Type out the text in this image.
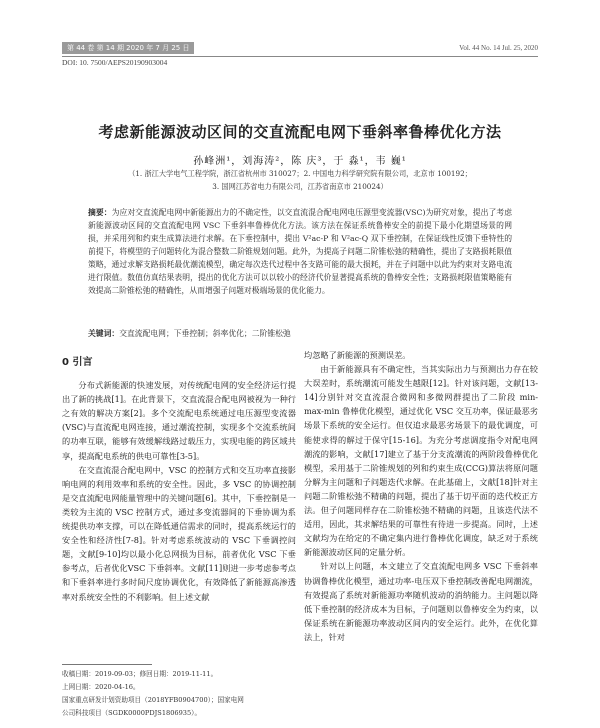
第 44 卷 第 14 期 2020 年 7 月 25 日	Vol. 44 No. 14 Jul. 25, 2020
DOI: 10. 7500/AEPS20190903004
考虑新能源波动区间的交直流配电网下垂斜率鲁棒优化方法
孙峰洲¹，刘海涛²，陈 庆³，于 淼¹，韦 巍¹
（1. 浙江大学电气工程学院，浙江省杭州市 310027；2. 中国电力科学研究院有限公司，北京市 100192；
3. 国网江苏省电力有限公司，江苏省南京市 210024）
摘要：为应对交直流配电网中新能源出力的不确定性，以交直流混合配电网电压源型变流器(VSC)为研究对象，提出了考虑新能源波动区间的交直流配电网 VSC 下垂斜率鲁棒优化方法。该方法在保证系统鲁棒安全的前提下最小化期望场景的网损，并采用列和约束生成算法进行求解。在下垂控制中，提出 V²ac-P 和 V²ac-Q 双下垂控制，在保证线性反馈下垂特性的前提下，将模型的子问题转化为混合整数二阶锥规划问题。此外，为提高子问题二阶锥松弛的精确性，提出了支路损耗限值策略，通过求解支路损耗最优潮流模型，确定每次迭代过程中各支路可能的最大损耗，并在子问题中以此为约束对支路电流进行限值。数值仿真结果表明，提出的优化方法可以以较小的经济代价显著提高系统的鲁棒安全性；支路损耗限值策略能有效提高二阶锥松弛的精确性，从而增强子问题对极端场景的优化能力。
关键词：交直流配电网；下垂控制；斜率优化；二阶锥松弛
0 引言

分布式新能源的快速发展，对传统配电网的安全经济运行提出了新的挑战[1]。在此背景下，交直流混合配电网被视为一种行之有效的解决方案[2]。多个交流配电系统通过电压源型变流器(VSC)与直流配电网连接，通过潮流控制，实现多个交流系统间的功率互联，能够有效缓解线路过载压力，实现电能的跨区域共享，提高配电系统的供电可靠性[3-5]。

在交直流混合配电网中，VSC 的控制方式和交互功率直接影响电网的利用效率和系统的安全性。因此，多 VSC 的协调控制是交直流配电网能量管理中的关键问题[6]。其中，下垂控制是一类较为主流的 VSC 控制方式，通过多变流器间的下垂协调为系统提供功率支撑，可以在降低通信需求的同时，提高系统运行的安全性和经济性[7-8]。针对考虑系统波动的 VSC 下垂调控问题，文献[9-10]均以最小化总网损为目标，前者优化 VSC 下垂参考点，后者优化VSC 下垂斜率。文献[11]则进一步考虑参考点和下垂斜率进行多时间尺度协调优化，有效降低了新能源高渗透率对系统安全性的不利影响。但上述文献

均忽略了新能源的预测误差。

由于新能源具有不确定性，当其实际出力与预测出力存在较大误差时，系统潮流可能发生越限[12]。针对该问题，文献[13-14]分别针对交直流混合微网和多微网群提出了二阶段 min-max-min 鲁棒优化模型，通过优化 VSC 交互功率，保证最恶劣场景下系统的安全运行。但仅追求最恶劣场景下的最优调度，可能使求得的解过于保守[15-16]。为充分考虑调度指令对配电网潮流的影响，文献[17]建立了基于分支流潮流的两阶段鲁棒优化模型，采用基于二阶锥规划的列和约束生成(CCG)算法将原问题分解为主问题和子问题迭代求解。在此基础上，文献[18]针对主问题二阶锥松弛不精确的问题，提出了基于切平面的迭代校正方法。但子问题同样存在二阶锥松弛不精确的问题，且该迭代法不适用，因此，其求解结果的可靠性有待进一步提高。同时，上述文献均为在给定的不确定集内进行鲁棒优化调度，缺乏对于系统新能源波动区间的定量分析。

针对以上问题，本文建立了交直流配电网多 VSC 下垂斜率协调鲁棒优化模型，通过功率-电压双下垂控制改善配电网潮流，有效提高了系统对新能源功率随机波动的消纳能力。主问题以降低下垂控制的经济成本为目标，子问题则以鲁棒安全为约束，以保证系统在新能源功率波动区间内的安全运行。此外，在优化算法上，针对

收稿日期：2019-09-03；修回日期：2019-11-11。
上网日期：2020-04-16。
国家重点研发计划资助项目（2018YFB0904700）；国家电网
公司科技项目（SGDK0000PDJS1806935）。
